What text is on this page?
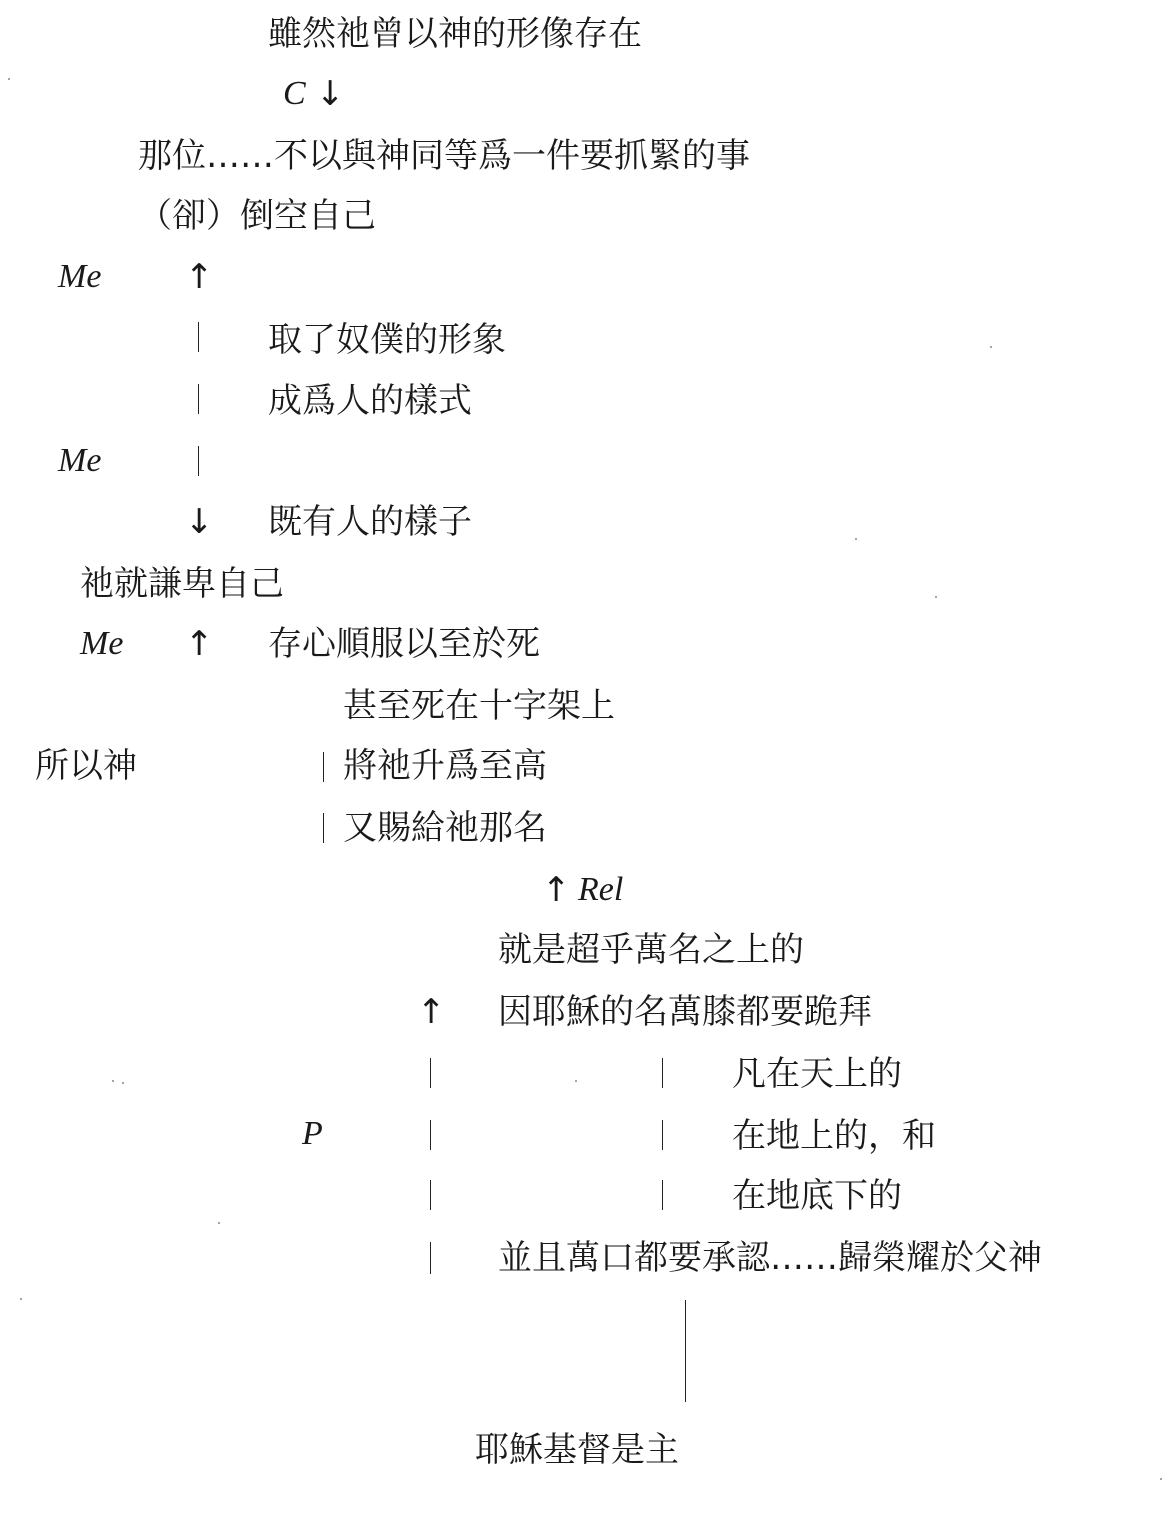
雖然祂曾以神的形像存在
C ↓
那位……不以與神同等爲一件要抓緊的事
（卻）倒空自己
Me ↑
取了奴僕的形象
成爲人的樣式
Me
↓ 既有人的樣子
祂就謙卑自己
Me ↑ 存心順服以至於死
甚至死在十字架上
所以神	將祂升爲至高
又賜給祂那名
↑ Rel
就是超乎萬名之上的
↑ 因耶穌的名萬膝都要跪拜
凡在天上的
P	在地上的，和
在地底下的
並且萬口都要承認……歸榮耀於父神
耶穌基督是主
